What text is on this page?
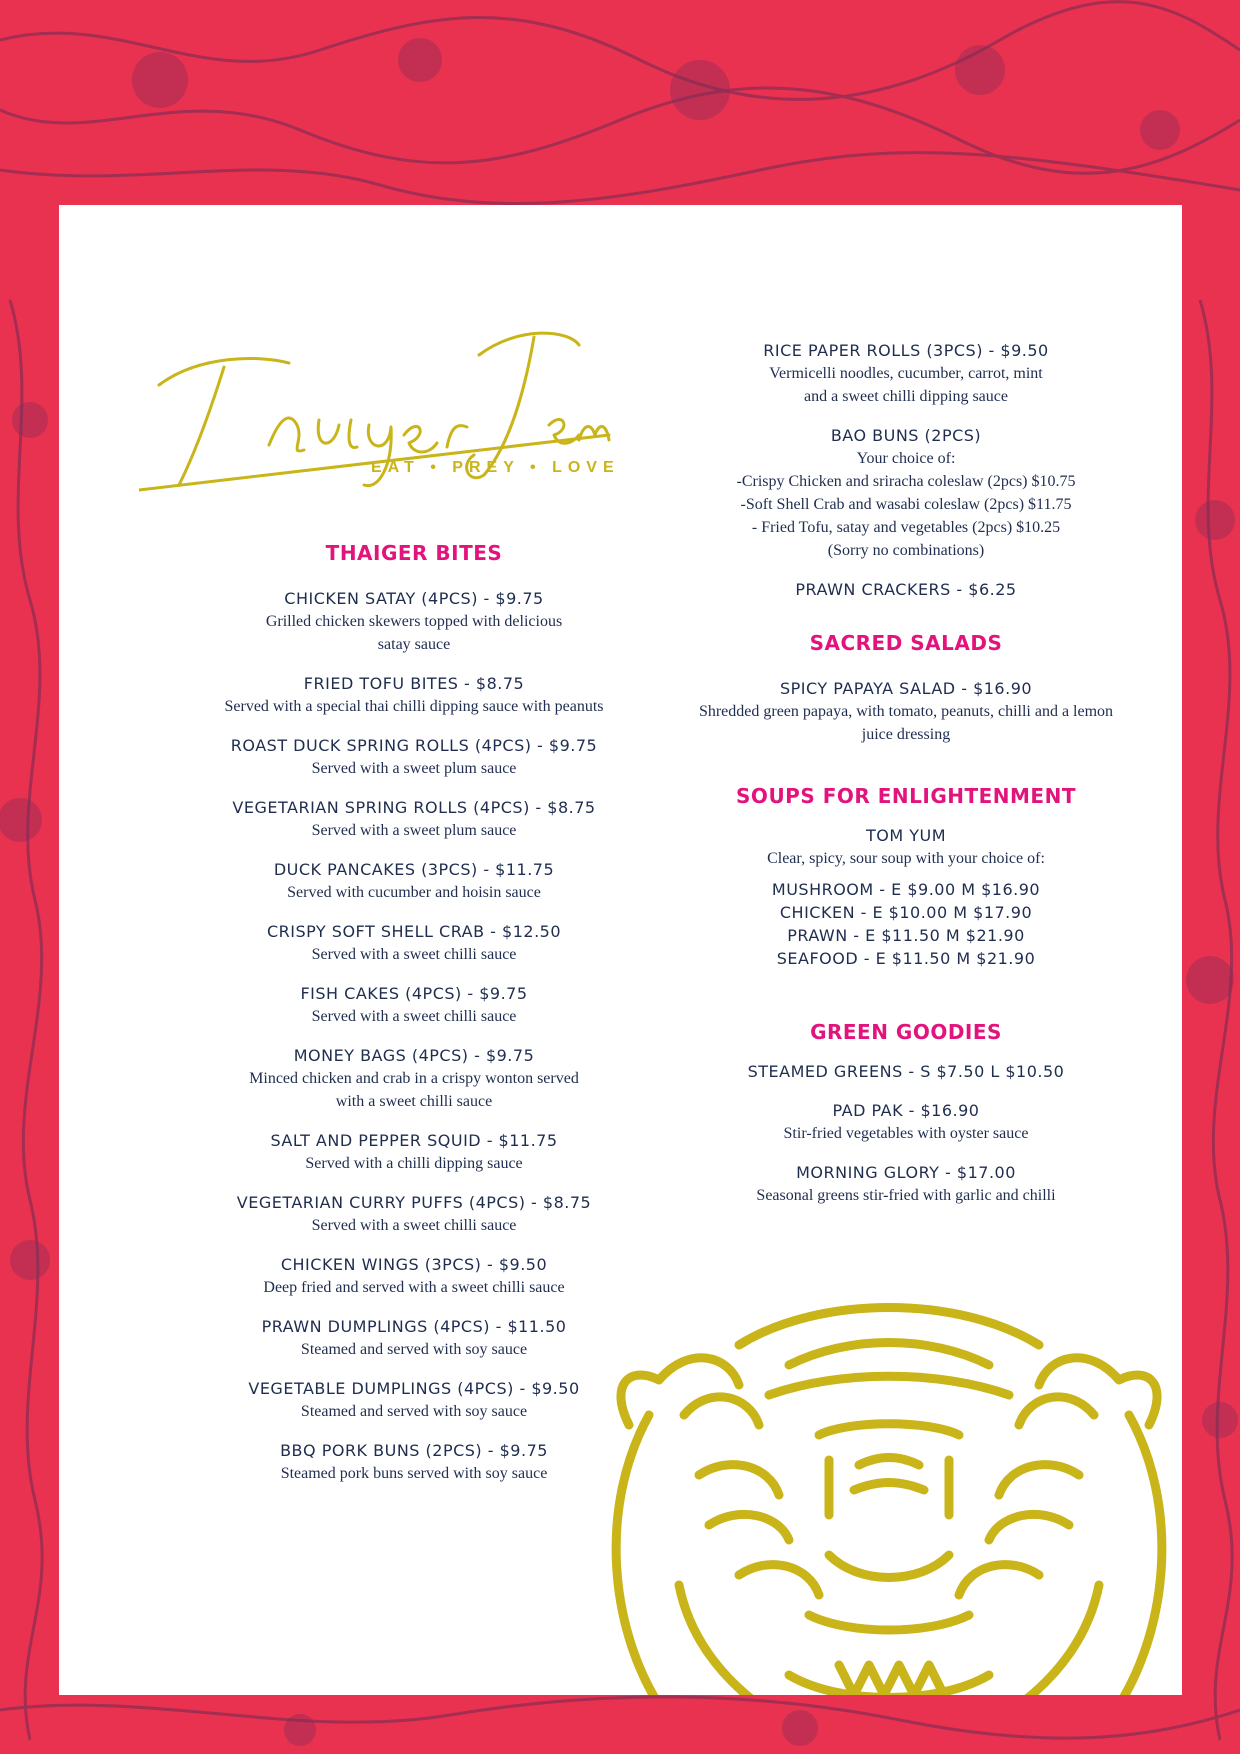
EAT • PREY • LOVE
THAIGER BITES
CHICKEN SATAY (4PCS) - $9.75
Grilled chicken skewers topped with delicious
satay sauce
FRIED TOFU BITES - $8.75
Served with a special thai chilli dipping sauce with peanuts
ROAST DUCK SPRING ROLLS (4PCS) - $9.75
Served with a sweet plum sauce
VEGETARIAN SPRING ROLLS (4PCS) - $8.75
Served with a sweet plum sauce
DUCK PANCAKES (3PCS) - $11.75
Served with cucumber and hoisin sauce
CRISPY SOFT SHELL CRAB - $12.50
Served with a sweet chilli sauce
FISH CAKES (4PCS) - $9.75
Served with a sweet chilli sauce
MONEY BAGS (4PCS) - $9.75
Minced chicken and crab in a crispy wonton served
with a sweet chilli sauce
SALT AND PEPPER SQUID - $11.75
Served with a chilli dipping sauce
VEGETARIAN CURRY PUFFS (4PCS) - $8.75
Served with a sweet chilli sauce
CHICKEN WINGS (3PCS) - $9.50
Deep fried and served with a sweet chilli sauce
PRAWN DUMPLINGS (4PCS) - $11.50
Steamed and served with soy sauce
VEGETABLE DUMPLINGS (4PCS) - $9.50
Steamed and served with soy sauce
BBQ PORK BUNS (2PCS) - $9.75
Steamed pork buns served with soy sauce
RICE PAPER ROLLS (3PCS) - $9.50
Vermicelli noodles, cucumber, carrot, mint
and a sweet chilli dipping sauce
BAO BUNS (2PCS)
Your choice of:
-Crispy Chicken and sriracha coleslaw (2pcs) $10.75
-Soft Shell Crab and wasabi coleslaw (2pcs) $11.75
- Fried Tofu, satay and vegetables (2pcs) $10.25
(Sorry no combinations)
PRAWN CRACKERS - $6.25
SACRED SALADS
SPICY PAPAYA SALAD - $16.90
Shredded green papaya, with tomato, peanuts, chilli and a lemon
juice dressing
SOUPS FOR ENLIGHTENMENT
TOM YUM
Clear, spicy, sour soup with your choice of:
MUSHROOM - E $9.00 M $16.90
CHICKEN - E $10.00 M $17.90
PRAWN - E $11.50 M $21.90
SEAFOOD - E $11.50 M $21.90
GREEN GOODIES
STEAMED GREENS - S $7.50 L $10.50
PAD PAK - $16.90
Stir-fried vegetables with oyster sauce
MORNING GLORY - $17.00
Seasonal greens stir-fried with garlic and chilli
